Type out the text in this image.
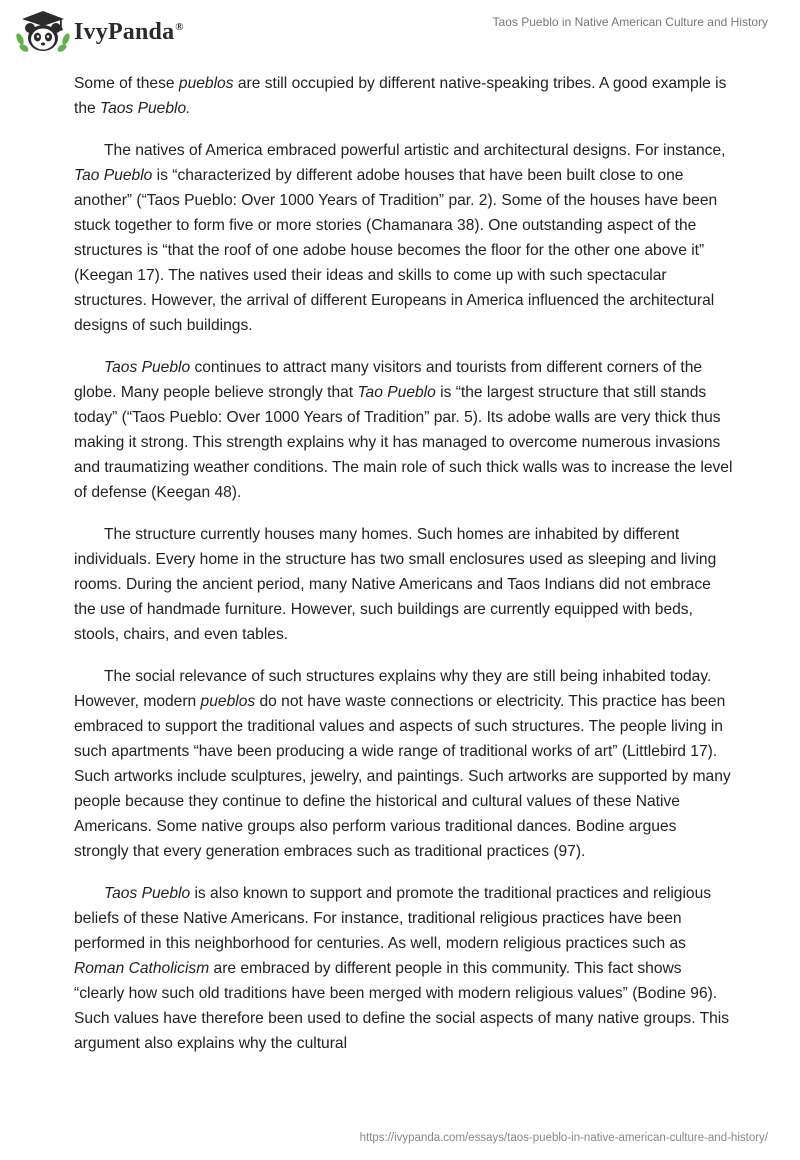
IvyPanda®	Taos Pueblo in Native American Culture and History

Some of these pueblos are still occupied by different native-speaking tribes. A good example is the Taos Pueblo.

The natives of America embraced powerful artistic and architectural designs. For instance, Tao Pueblo is “characterized by different adobe houses that have been built close to one another” (“Taos Pueblo: Over 1000 Years of Tradition” par. 2). Some of the houses have been stuck together to form five or more stories (Chamanara 38). One outstanding aspect of the structures is “that the roof of one adobe house becomes the floor for the other one above it” (Keegan 17). The natives used their ideas and skills to come up with such spectacular structures. However, the arrival of different Europeans in America influenced the architectural designs of such buildings.

Taos Pueblo continues to attract many visitors and tourists from different corners of the globe. Many people believe strongly that Tao Pueblo is “the largest structure that still stands today” (“Taos Pueblo: Over 1000 Years of Tradition” par. 5). Its adobe walls are very thick thus making it strong. This strength explains why it has managed to overcome numerous invasions and traumatizing weather conditions. The main role of such thick walls was to increase the level of defense (Keegan 48).

The structure currently houses many homes. Such homes are inhabited by different individuals. Every home in the structure has two small enclosures used as sleeping and living rooms. During the ancient period, many Native Americans and Taos Indians did not embrace the use of handmade furniture. However, such buildings are currently equipped with beds, stools, chairs, and even tables.

The social relevance of such structures explains why they are still being inhabited today. However, modern pueblos do not have waste connections or electricity. This practice has been embraced to support the traditional values and aspects of such structures. The people living in such apartments “have been producing a wide range of traditional works of art” (Littlebird 17). Such artworks include sculptures, jewelry, and paintings. Such artworks are supported by many people because they continue to define the historical and cultural values of these Native Americans. Some native groups also perform various traditional dances. Bodine argues strongly that every generation embraces such as traditional practices (97).

Taos Pueblo is also known to support and promote the traditional practices and religious beliefs of these Native Americans. For instance, traditional religious practices have been performed in this neighborhood for centuries. As well, modern religious practices such as Roman Catholicism are embraced by different people in this community. This fact shows “clearly how such old traditions have been merged with modern religious values” (Bodine 96). Such values have therefore been used to define the social aspects of many native groups. This argument also explains why the cultural

https://ivypanda.com/essays/taos-pueblo-in-native-american-culture-and-history/
